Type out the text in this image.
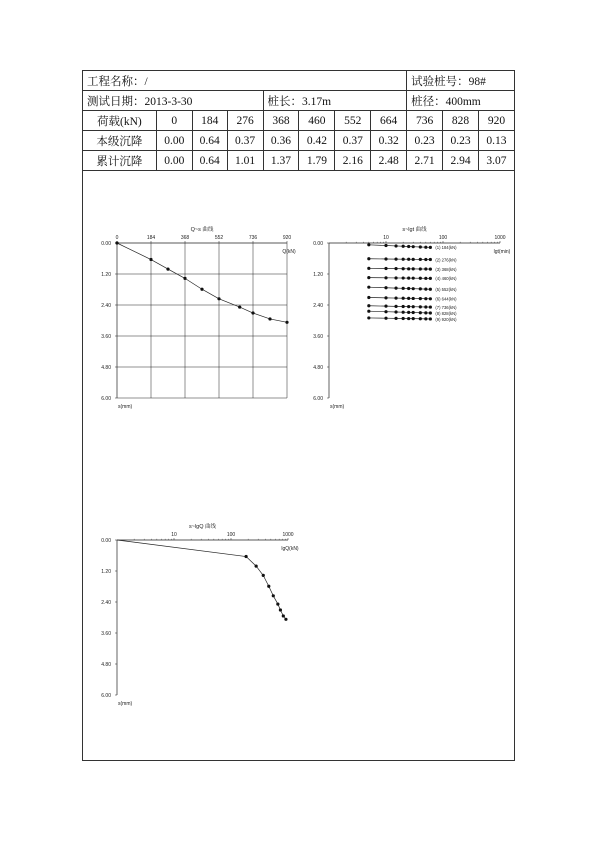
工程名称：/								试验桩号：98#		
测试日期：2013-3-30				桩长：3.17m				桩径：400mm		
荷载(kN)	0	184	276	368	460	552	664	736	828	920
本级沉降	0.00	0.64	0.37	0.36	0.42	0.37	0.32	0.23	0.23	0.13
累计沉降	0.00	0.64	1.01	1.37	1.79	2.16	2.48	2.71	2.94	3.07
Q~s 曲线
0.00
1.20
2.40
3.60
4.80
6.00
0	184	368	552	736	920
Q(kN)
s(mm)
s~lgt 曲线
0.00
1.20
2.40
3.60
4.80
6.00
10	100	1000
lgt(min)
s(mm)
(1) 184(kN)
(2) 276(kN)
(3) 368(kN)
(4) 460(kN)
(5) 552(kN)
(6) 644(kN)
(7) 736(kN)
(8) 828(kN)
(9) 920(kN)
s~lgQ 曲线
0.00
1.20
2.40
3.60
4.80
6.00
10	100	1000
lgQ(kN)
s(mm)
